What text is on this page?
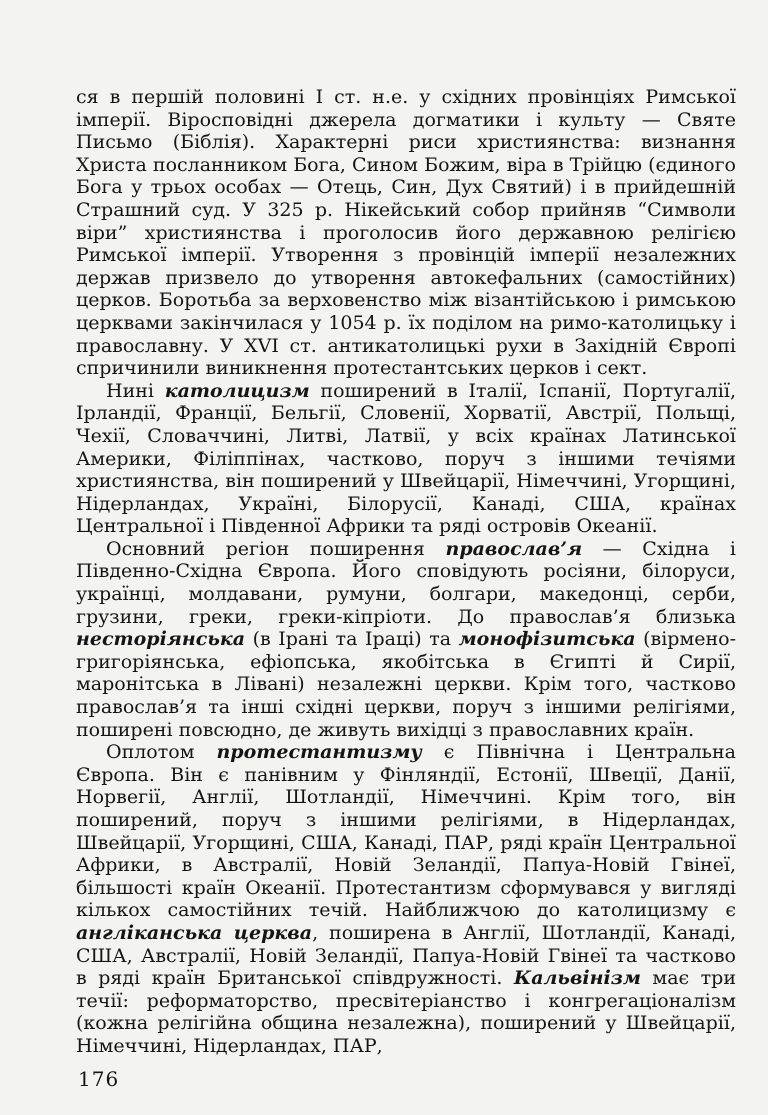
ся в першій половині I ст. н.е. у східних провінціях Римської імперії. Віросповідні джерела догматики і культу — Святе Письмо (Біблія). Характерні риси християнства: визнання Христа посланником Бога, Сином Божим, віра в Трійцю (єдиного Бога у трьох особах — Отець, Син, Дух Святий) і в прийдешній Страшний суд. У 325 р. Нікейський собор прийняв “Символи віри” християнства і проголосив його державною релігією Римської імперії. Утворення з провінцій імперії незалежних держав призвело до утворення автокефальних (самостійних) церков. Боротьба за верховенство між візантійською і римською церквами закінчилася у 1054 р. їх поділом на римо-католицьку і православну. У XVI ст. антикатолицькі рухи в Західній Європі спричинили виникнення протестантських церков і сект.

Нині католицизм поширений в Італії, Іспанії, Португалії, Ірландії, Франції, Бельгії, Словенії, Хорватії, Австрії, Польщі, Чехії, Словаччині, Литві, Латвії, у всіх країнах Латинської Америки, Філіппінах, частково, поруч з іншими течіями християнства, він поширений у Швейцарії, Німеччині, Угорщині, Нідерландах, Україні, Білорусії, Канаді, США, країнах Центральної і Південної Африки та ряді островів Океанії.

Основний регіон поширення православ’я — Східна і Південно-Східна Європа. Його сповідують росіяни, білоруси, українці, молдавани, румуни, болгари, македонці, серби, грузини, греки, греки-кіпріоти. До православ’я близька несторіянська (в Ірані та Іраці) та монофізитська (вірмено-григоріянська, ефіопська, якобітська в Єгипті й Сирії, маронітська в Лівані) незалежні церкви. Крім того, частково православ’я та інші східні церкви, поруч з іншими релігіями, поширені повсюдно, де живуть вихідці з православних країн.

Оплотом протестантизму є Північна і Центральна Європа. Він є панівним у Фінляндії, Естонії, Швеції, Данії, Норвегії, Англії, Шотландії, Німеччині. Крім того, він поширений, поруч з іншими релігіями, в Нідерландах, Швейцарії, Угорщині, США, Канаді, ПАР, ряді країн Центральної Африки, в Австралії, Новій Зеландії, Папуа-Новій Гвінеї, більшості країн Океанії. Протестантизм сформувався у вигляді кількох самостійних течій. Найближчою до католицизму є англіканська церква, поширена в Англії, Шотландії, Канаді, США, Австралії, Новій Зеландії, Папуа-Новій Гвінеї та частково в ряді країн Британської співдружності. Кальвінізм має три течії: реформаторство, пресвітеріанство і конгрегаціоналізм (кожна релігійна община незалежна), поширений у Швейцарії, Німеччині, Нідерландах, ПАР,

176
